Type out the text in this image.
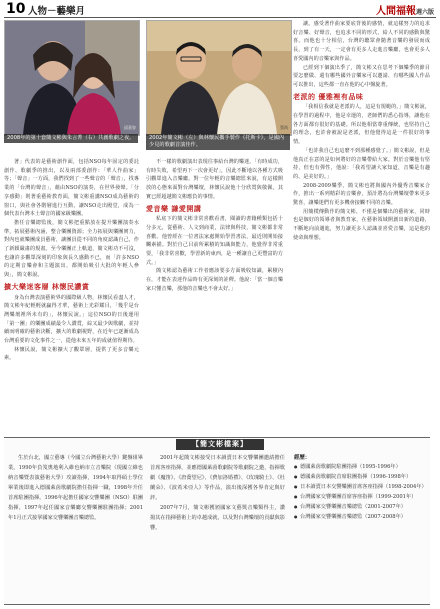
10 人物－藝樂月	人間福報週六版
邱嘉容
2008年的第十套簡文彬與朱言菁（右）共創歌劇之夜。
蔡尚
2002年簡文彬（左）與林懷民攜手製作《托斯卡》，是國內少見的歌劇首演佳作。

著」代表的是藝術創作面，包括NSO每年固定的委託創作、歌劇季的推出，以及兩部委創作：「華人作曲家」等；「聲音」一方面，我們找到了一些聲音的「聲音」，找專業的「台灣的聲音」，藉由NSO的演奏，在世界發聲。「分享感動」則著重藝術教育面，簡文彬重講NSO成為藝術的窗口，與社會各階層進行互動，讓NSO走出殿堂，成為一個代表台灣本土聲音的國家級樂團。

擔任音樂總監後，簡文彬把重點放在提升樂團演奏水準，拓展藝術內涵，整合樂團資源；全力拓展與樂團實力，對內也就樂團成員藝術，讓團員從不同的角度認識自己，作了新穎嚴肅的規畫。至今樂團正上軌道，簡文彬功不可沒，也讓許多觀眾深刻的印象與長久感動不已，而「許多NSO的定期音樂會和主題演出，都開始吸引大批的年輕人參與」，簡文彬說。

擴大樂迷客層 林懷民讚賞

身為台灣表演藝術界的國際級人物，林懷民看盡人才，簡文彬年紀輕輕就贏得才華，藝術上光彩耀目，「幾乎是台灣樂壇裡所未有的」，林懷民說。」這位NSO的日後運用「第一團」的樂團成績最令人讚賞，綜又最少與歌劇，並持續而明確的藝術決斷，擴大的歌劇視野，在近年已逐漸成為台灣重要的文化事件之一，從他未來五年的成就值得期待。

林懷民說，簡文彬擴大了觀眾層，提供了更多音樂元素。

不一樣的歌劇演出表現往事給台灣的樂迷。「有時成功，有時失敗，希望再下一次會更好」，因此不斷地以各種方式吸引觀眾進入音樂廳。對一位年輕的音樂總監來說，有這樣開放的心態來面對台灣樂壇，林懷民說他十分欣賞與敬佩，其實已經超越簡文彬應負的事情。

愛音樂 謙愛開講

私底下的簡文彬非常喜歡看書，閱讀的書籍種類包括十分多元，從藝術、人文到商業，法律與科技，簡文彬都非常喜歡。他曾經在一位書法家處開始學習書法，最近則開始接觸素描。對於自己目前所累積的知識與能力，他覺得非常重要，「我非常喜歡，學習新的東西，是一種讓自己更豐富的方式。」

簡文彬認為藝術工作者應該要多方面吸收知識，累積內在，才能在表達作品時有更深刻的詮釋。他說：「當一個音樂家只懂音樂，那他的音樂也不會太好。」

讓。感受著作曲家要底背後的感情，就這樣努力的追求好音樂、好聲音，也追求不同的形式，給人不同的感動與驚喜。而他也十分相信，台灣的聽眾會隨著音樂的發展而成長，到了有一天，一定會有更多人走進音樂廳，也會更多人喜愛國內的音樂家與作品。

已經到下個演出季了，簡文彬又在思考下個樂季的節目要怎麼做、還有哪些國外音樂家可以邀請、有哪些國人作品可以推出，這些都一直在他的心中盤旋著。

老派的 優雅裡有品味

「我相信我就是老派的人，這是有規範的，」簡文彬說，在學習的過程中，他是幸運的，老師們的悉心指導，讓他在各方面都有很好的基礎。所以他相當尊重傳統，也堅持自己的理念，也許會被說是老派，但他覺得這是一件很好的事情。

「也許我自己也這麼不到那種感覺了。」簡文彬說，但是他真正在意的是如何將好的音樂帶給大家。對於音樂他有堅持，但也有彈性，他說：「我希望讓大家知道，音樂是有趣的、是美好的。」

2008-2009樂季，簡文彬也將與國內外優秀音樂家合作，推出一系列精彩的音樂會，預計將為台灣樂壇帶來更多驚喜，讓樂迷們有更多機會接觸不同的音樂。

用簡樸傳動作的簡文彬，不僅是個樂出的藝術家，同時也是個好的領導者與教育家，在藝術領域開創出新的道路，不斷地向前邁進，努力讓更多人認識並喜愛音樂，這是他的使命與理想。

【簡文彬檔案】

生於台北，國立藝專（今國立台灣藝術大學）鍵盤組畢業。1990年負笈奧地利入維也納市立音樂院（現國立維也納音樂暨表演藝術大學）攻讀指揮，1994年取得碩士學位畢業後即進入德國萊茵歌劇院擔任指揮一職，1998年升任首席駐團指揮。1996年起擔任國家交響樂團（NSO）駐團指揮，1997年起任國家音樂廳交響樂團駐團指揮；2001年1月正式接掌國家交響樂團音樂總監。

2001年起簡文彬接受日本讀賣日本交響樂團邀請擔任首席客座指揮，並應德國萊茵歌劇院等歌劇院之邀，指揮歌劇《魔笛》、《唐喬望尼》、《費加洛婚禮》、《玫瑰騎士》、《杜蘭朵》、《波希米亞人》等作品，演出後深獲各界肯定與好評。

2007年7月，簡文彬獲頒國家文藝獎音樂類得主，讚揚其在指揮藝術上的卓越成就，以及對台灣樂壇的貢獻與影響。

經歷：
● 德國萊茵歌劇院駐團指揮（1995-1996年）
● 德國萊茵歌劇院首席駐團指揮（1996-1998年）
● 日本讀賣日本交響樂團首席客座指揮（1998-2004年）
● 台灣國家交響樂團首席客座指揮（1999-2001年）
● 台灣國家交響樂團音樂總監（2001-2007年）
● 台灣國家交響樂團音樂總監（2007-2008年）
